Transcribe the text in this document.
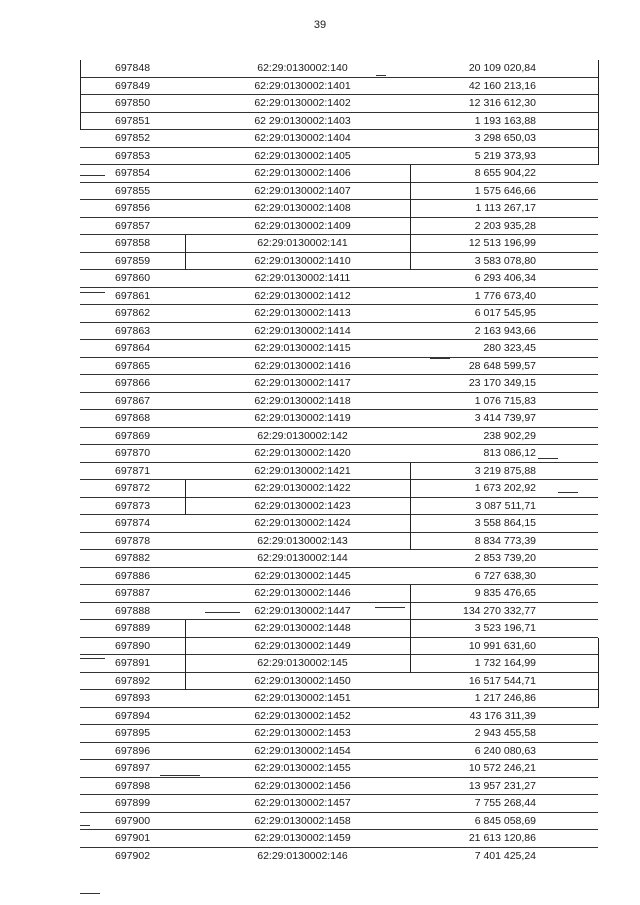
39
697848	62:29:0130002:140	20 109 020,84
697849	62:29:0130002:1401	42 160 213,16
697850	62:29:0130002:1402	12 316 612,30
697851	62 29:0130002:1403	1 193 163,88
697852	62:29:0130002:1404	3 298 650,03
697853	62:29:0130002:1405	5 219 373,93
697854	62:29:0130002:1406	8 655 904,22
697855	62:29:0130002:1407	1 575 646,66
697856	62:29:0130002:1408	1 113 267,17
697857	62:29:0130002:1409	2 203 935,28
697858	62:29:0130002:141	12 513 196,99
697859	62:29:0130002:1410	3 583 078,80
697860	62:29:0130002:1411	6 293 406,34
697861	62:29:0130002:1412	1 776 673,40
697862	62:29:0130002:1413	6 017 545,95
697863	62:29:0130002:1414	2 163 943,66
697864	62:29:0130002:1415	280 323,45
697865	62:29:0130002:1416	28 648 599,57
697866	62:29:0130002:1417	23 170 349,15
697867	62:29:0130002:1418	1 076 715,83
697868	62:29:0130002:1419	3 414 739,97
697869	62:29:0130002:142	238 902,29
697870	62:29:0130002:1420	813 086,12
697871	62:29:0130002:1421	3 219 875,88
697872	62:29:0130002:1422	1 673 202,92
697873	62:29:0130002:1423	3 087 511,71
697874	62:29:0130002:1424	3 558 864,15
697878	62:29:0130002:143	8 834 773,39
697882	62:29:0130002:144	2 853 739,20
697886	62:29:0130002:1445	6 727 638,30
697887	62:29:0130002:1446	9 835 476,65
697888	62:29:0130002:1447	134 270 332,77
697889	62:29:0130002:1448	3 523 196,71
697890	62:29:0130002:1449	10 991 631,60
697891	62:29:0130002:145	1 732 164,99
697892	62:29:0130002:1450	16 517 544,71
697893	62:29:0130002:1451	1 217 246,86
697894	62:29:0130002:1452	43 176 311,39
697895	62:29:0130002:1453	2 943 455,58
697896	62:29:0130002:1454	6 240 080,63
697897	62:29:0130002:1455	10 572 246,21
697898	62:29:0130002:1456	13 957 231,27
697899	62:29:0130002:1457	7 755 268,44
697900	62:29:0130002:1458	6 845 058,69
697901	62:29:0130002:1459	21 613 120,86
697902	62:29:0130002:146	7 401 425,24
